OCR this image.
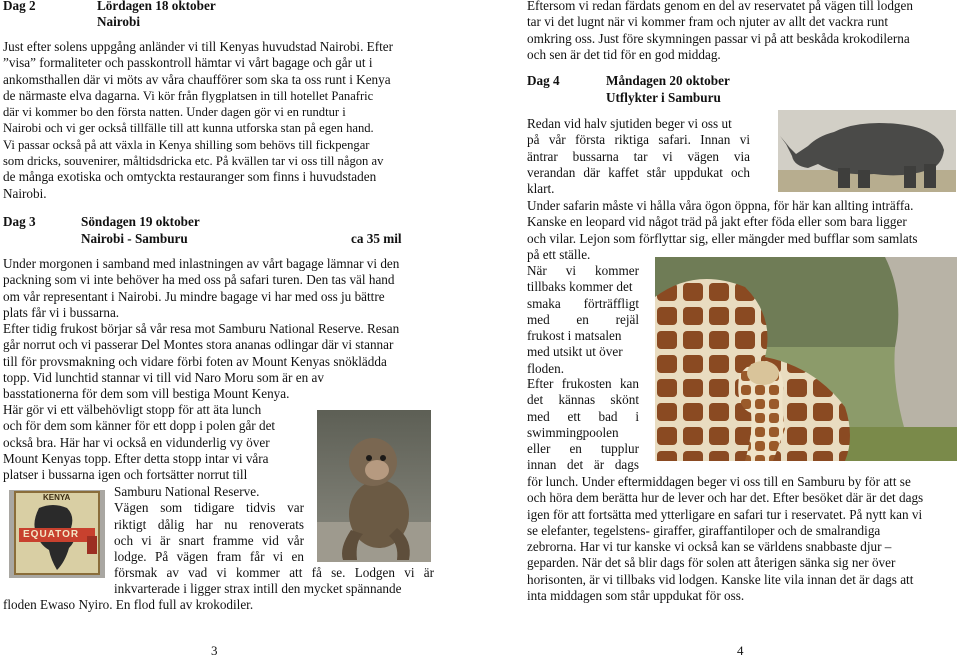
Dag 2	Lördagen 18 oktober
Nairobi
Just efter solens uppgång anländer vi till Kenyas huvudstad Nairobi. Efter
”visa” formaliteter och passkontroll hämtar vi vårt bagage och går ut i
ankomsthallen där vi möts av våra chaufförer som ska ta oss runt i Kenya
de närmaste elva dagarna. Vi kör från flygplatsen in till hotellet Panafric
där vi kommer bo den första natten. Under dagen gör vi en rundtur i
Nairobi och vi ger också tillfälle till att kunna utforska stan på egen hand.
Vi passar också på att växla in Kenya shilling som behövs till fickpengar
som dricks, souvenirer, måltidsdricka etc. På kvällen tar vi oss till någon av
de många exotiska och omtyckta restauranger som finns i huvudstaden
Nairobi.
Dag 3	Söndagen 19 oktober
Nairobi - Samburu	ca 35 mil
Under morgonen i samband med inlastningen av vårt bagage lämnar vi den
packning som vi inte behöver ha med oss på safari turen. Den tas väl hand
om vår representant i Nairobi. Ju mindre bagage vi har med oss ju bättre
plats får vi i bussarna.
Efter tidig frukost börjar så vår resa mot Samburu National Reserve. Resan
går norrut och vi passerar Del Montes stora ananas odlingar där vi stannar
till för provsmakning och vidare förbi foten av Mount Kenyas snöklädda
topp. Vid lunchtid stannar vi till vid Naro Moru som är en av
basstationerna för dem som vill bestiga Mount Kenya.
Här gör vi ett välbehövligt stopp för att äta lunch
och för dem som känner för ett dopp i polen går det
också bra. Här har vi också en vidunderlig vy över
Mount Kenyas topp. Efter detta stopp intar vi våra
platser i bussarna igen och fortsätter norrut till
Samburu National Reserve.
Vägen som tidigare tidvis var
riktigt dålig har nu renoverats
och vi är snart framme vid vår
lodge. På vägen fram får vi en
försmak av vad vi kommer att få se. Lodgen vi är
inkvarterade i ligger strax intill den mycket spännande
floden Ewaso Nyiro. En flod full av krokodiler.
KENYA
EQUATOR
3
Eftersom vi redan färdats genom en del av reservatet på vägen till lodgen
tar vi det lugnt när vi kommer fram och njuter av allt det vackra runt
omkring oss. Just före skymningen passar vi på att beskåda krokodilerna
och sen är det tid för en god middag.
Dag 4	Måndagen 20 oktober
Utflykter i Samburu
Redan vid halv sjutiden beger vi oss ut
på vår första riktiga safari. Innan vi
äntrar bussarna tar vi vägen via
verandan där kaffet står uppdukat och
klart.
Under safarin måste vi hålla våra ögon öppna, för här kan allting inträffa.
Kanske en leopard vid något träd på jakt efter föda eller som bara ligger
och vilar. Lejon som förflyttar sig, eller mängder med bufflar som samlats
på ett ställe.
När vi kommer
tillbaks kommer det
smaka förträffligt
med en rejäl
frukost i matsalen
med utsikt ut över
floden.
Efter frukosten kan
det kännas skönt
med ett bad i
swimmingpoolen
eller en tupplur
innan det är dags
för lunch. Under eftermiddagen beger vi oss till en Samburu by för att se
och höra dem berätta hur de lever och har det. Efter besöket där är det dags
igen för att fortsätta med ytterligare en safari tur i reservatet. På nytt kan vi
se elefanter, tegelstens- giraffer, giraffantiloper och de smalrandiga
zebrorna. Har vi tur kanske vi också kan se världens snabbaste djur –
geparden. När det så blir dags för solen att återigen sänka sig ner över
horisonten, är vi tillbaks vid lodgen. Kanske lite vila innan det är dags att
inta middagen som står uppdukat för oss.
4
